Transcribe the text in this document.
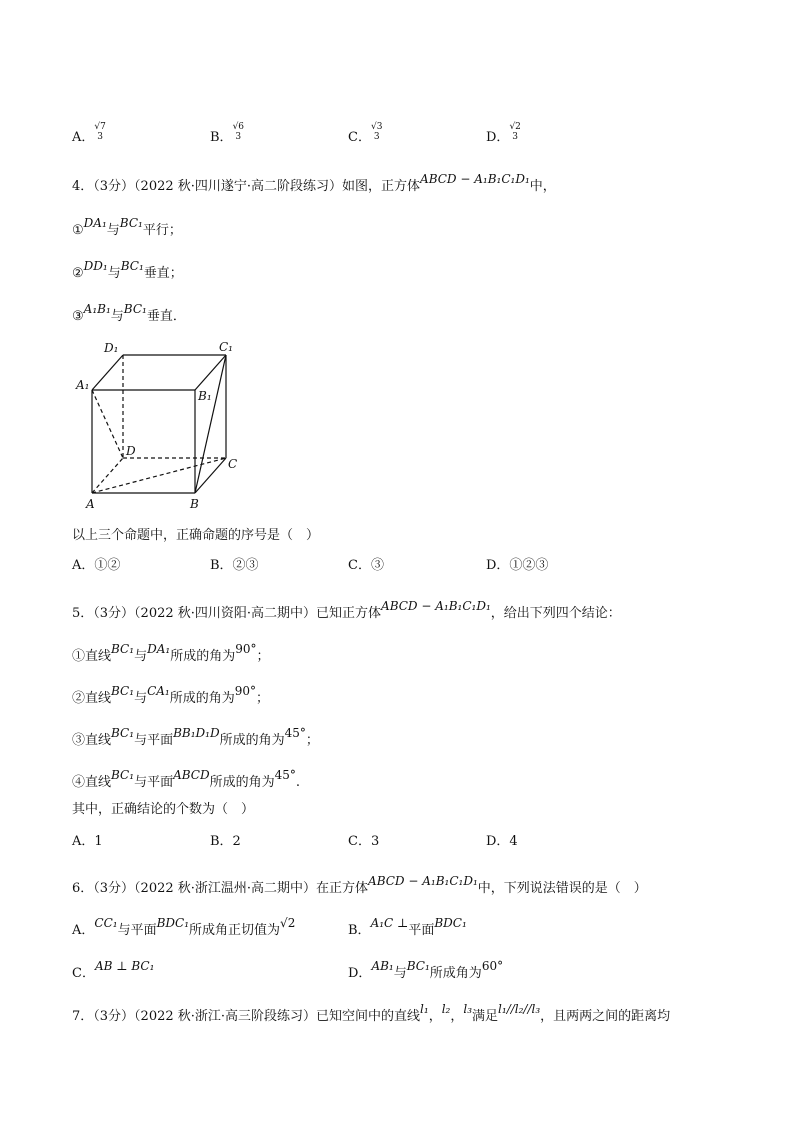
A．
√7
3	B．
√6
3	C．
√3
3	D．
√2
3
4．（3分）（2022 秋·四川遂宁·高二阶段练习）如图，正方体ABCD − A₁B₁C₁D₁中，
①DA₁与BC₁平行；
②DD₁与BC₁垂直；
③A₁B₁与BC₁垂直．
D₁	C₁
A₁
B₁
D
C
A	B
以上三个命题中，正确命题的序号是（　）
A．①②	B．②③	C．③	D．①②③
5．（3分）（2022 秋·四川资阳·高二期中）已知正方体ABCD − A₁B₁C₁D₁，给出下列四个结论：
①直线BC₁与DA₁所成的角为90°；
②直线BC₁与CA₁所成的角为90°；
③直线BC₁与平面BB₁D₁D所成的角为45°；
④直线BC₁与平面ABCD所成的角为45°.
其中，正确结论的个数为（　）
A．1	B．2	C．3	D．4
6．（3分）（2022 秋·浙江温州·高二期中）在正方体ABCD − A₁B₁C₁D₁中，下列说法错误的是（　）
A．CC₁与平面BDC₁所成角正切值为√2	B．A₁C ⊥平面BDC₁
C．AB ⊥ BC₁	D．AB₁与BC₁所成角为60°
7．（3分）（2022 秋·浙江·高三阶段练习）已知空间中的直线l₁，l₂，l₃满足l₁//l₂//l₃，且两两之间的距离均
